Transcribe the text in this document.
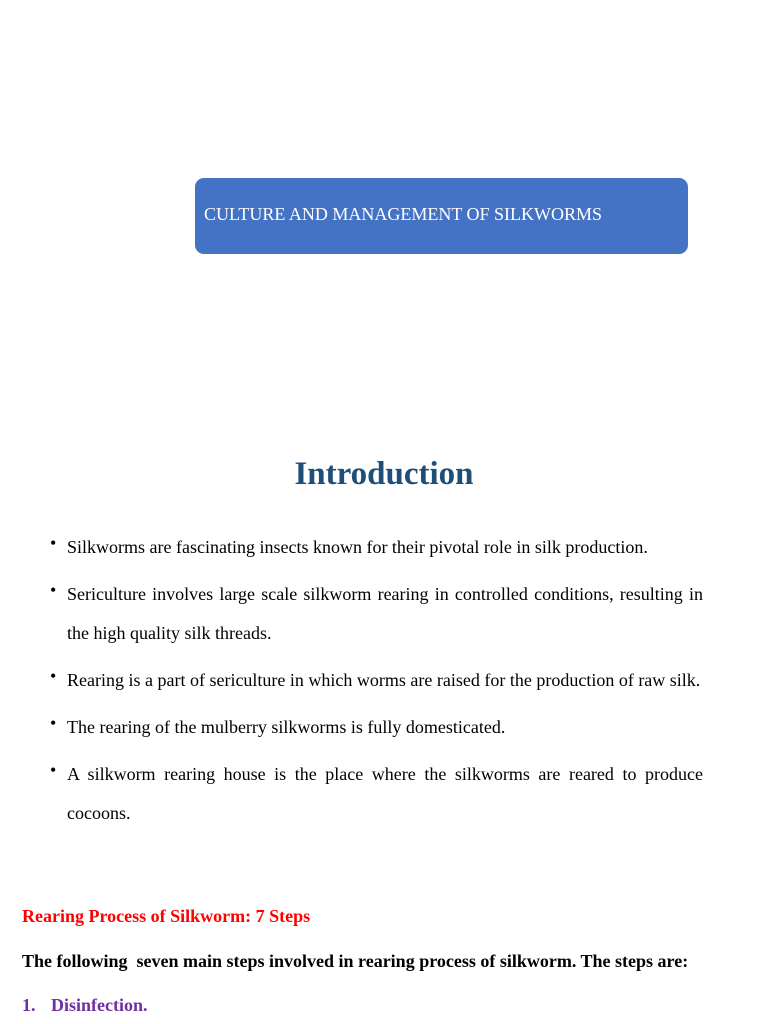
CULTURE AND MANAGEMENT OF SILKWORMS
Introduction
• Silkworms are fascinating insects known for their pivotal role in silk production.
• Sericulture involves large scale silkworm rearing in controlled conditions, resulting in the high quality silk threads.
• Rearing is a part of sericulture in which worms are raised for the production of raw silk.
• The rearing of the mulberry silkworms is fully domesticated.
• A silkworm rearing house is the place where the silkworms are reared to produce cocoons.
Rearing Process of Silkworm: 7 Steps
The following  seven main steps involved in rearing process of silkworm. The steps are:
1. Disinfection.
